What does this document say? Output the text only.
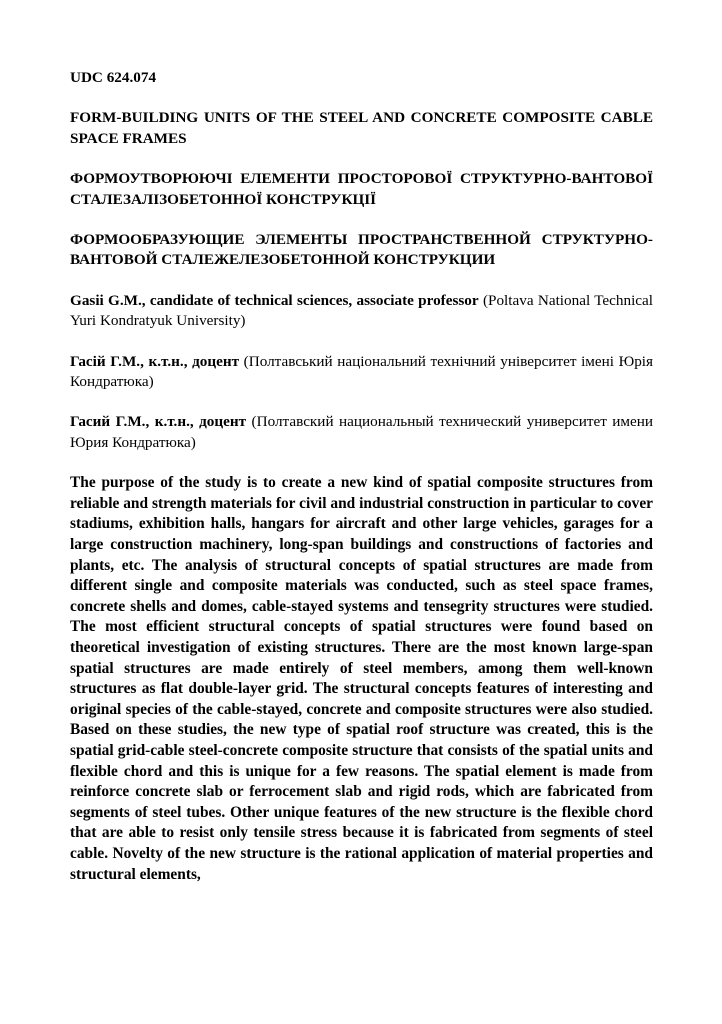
UDC 624.074

FORM-BUILDING UNITS OF THE STEEL AND CONCRETE COMPOSITE CABLE SPACE FRAMES

ФОРМОУТВОРЮЮЧІ ЕЛЕМЕНТИ ПРОСТОРОВОЇ СТРУКТУРНО-ВАНТОВОЇ СТАЛЕЗАЛІЗОБЕТОННОЇ КОНСТРУКЦІЇ

ФОРМООБРАЗУЮЩИЕ ЭЛЕМЕНТЫ ПРОСТРАНСТВЕННОЙ СТРУКТУРНО-ВАНТОВОЙ СТАЛЕЖЕЛЕЗОБЕТОННОЙ КОНСТРУКЦИИ

Gasii G.M., candidate of technical sciences, associate professor (Poltava National Technical Yuri Kondratyuk University)

Гасій Г.М., к.т.н., доцент (Полтавський національний технічний університет імені Юрія Кондратюка)

Гасий Г.М., к.т.н., доцент (Полтавский национальный технический университет имени Юрия Кондратюка)

The purpose of the study is to create a new kind of spatial composite structures from reliable and strength materials for civil and industrial construction in particular to cover stadiums, exhibition halls, hangars for aircraft and other large vehicles, garages for a large construction machinery, long-span buildings and constructions of factories and plants, etc. The analysis of structural concepts of spatial structures are made from different single and composite materials was conducted, such as steel space frames, concrete shells and domes, cable-stayed systems and tensegrity structures were studied. The most efficient structural concepts of spatial structures were found based on theoretical investigation of existing structures. There are the most known large-span spatial structures are made entirely of steel members, among them well-known structures as flat double-layer grid. The structural concepts features of interesting and original species of the cable-stayed, concrete and composite structures were also studied. Based on these studies, the new type of spatial roof structure was created, this is the spatial grid-cable steel-concrete composite structure that consists of the spatial units and flexible chord and this is unique for a few reasons. The spatial element is made from reinforce concrete slab or ferrocement slab and rigid rods, which are fabricated from segments of steel tubes. Other unique features of the new structure is the flexible chord that are able to resist only tensile stress because it is fabricated from segments of steel cable. Novelty of the new structure is the rational application of material properties and structural elements,
